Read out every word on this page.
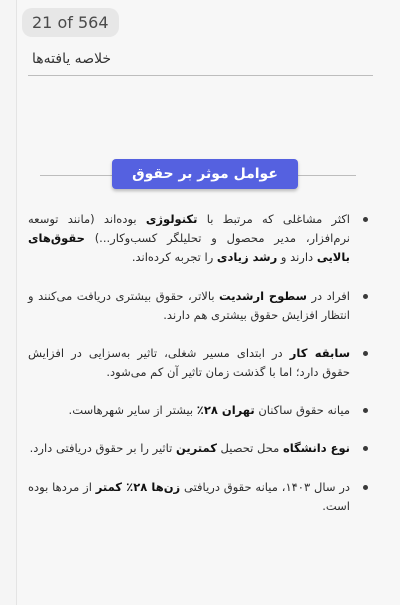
21 of 564
خلاصه یافته‌ها
عوامل موثر بر حقوق
اکثر مشاغلی که مرتبط با تکنولوژی بوده‌اند (مانند توسعه نرم‌افزار، مدیر محصول و تحلیلگر کسب‌وکار...) حقوق‌های بالایی دارند و رشد زیادی را تجربه کرده‌اند.
افراد در سطوح ارشدیت بالاتر، حقوق بیشتری دریافت می‌کنند و انتظار افزایش حقوق بیشتری هم دارند.
سابقه کار در ابتدای مسیر شغلی، تاثیر به‌سزایی در افزایش حقوق دارد؛ اما با گذشت زمان تاثیر آن کم می‌شود.
میانه حقوق ساکنان تهران ۲۸٪ بیشتر از سایر شهرهاست.
نوع دانشگاه محل تحصیل کمترین تاثیر را بر حقوق دریافتی دارد.
در سال ۱۴۰۳، میانه حقوق دریافتی زن‌ها ۲۸٪ کمتر از مردها بوده است.
